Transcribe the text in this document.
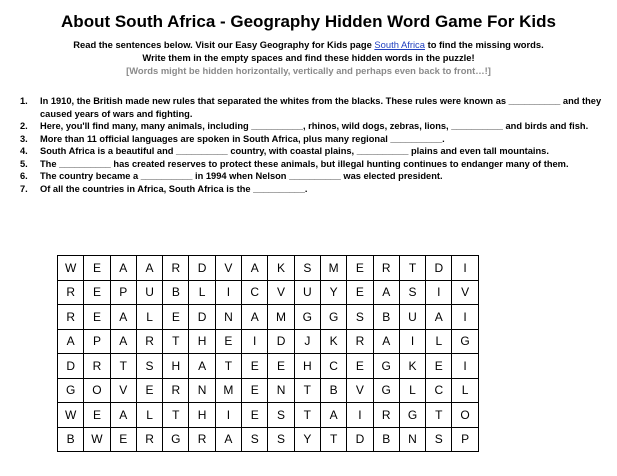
About South Africa - Geography Hidden Word Game For Kids
Read the sentences below. Visit our Easy Geography for Kids page South Africa to find the missing words.
Write them in the empty spaces and find these hidden words in the puzzle!
[Words might be hidden horizontally, vertically and perhaps even back to front…!]
1. In 1910, the British made new rules that separated the whites from the blacks. These rules were known as __________ and they caused years of wars and fighting.
2. Here, you'll find many, many animals, including __________, rhinos, wild dogs, zebras, lions, __________ and birds and fish.
3. More than 11 official languages are spoken in South Africa, plus many regional __________.
4. South Africa is a beautiful and __________ country, with coastal plains, __________ plains and even tall mountains.
5. The __________ has created reserves to protect these animals, but illegal hunting continues to endanger many of them.
6. The country became a __________ in 1994 when Nelson __________ was elected president.
7. Of all the countries in Africa, South Africa is the __________.
W	E	A	A	R	D	V	A	K	S	M	E	R	T	D	I
R	E	P	U	B	L	I	C	V	U	Y	E	A	S	I	V
R	E	A	L	E	D	N	A	M	G	G	S	B	U	A	I
A	P	A	R	T	H	E	I	D	J	K	R	A	I	L	G
D	R	T	S	H	A	T	E	E	H	C	E	G	K	E	I
G	O	V	E	R	N	M	E	N	T	B	V	G	L	C	L
W	E	A	L	T	H	I	E	S	T	A	I	R	G	T	O
B	W	E	R	G	R	A	S	S	Y	T	D	B	N	S	P
